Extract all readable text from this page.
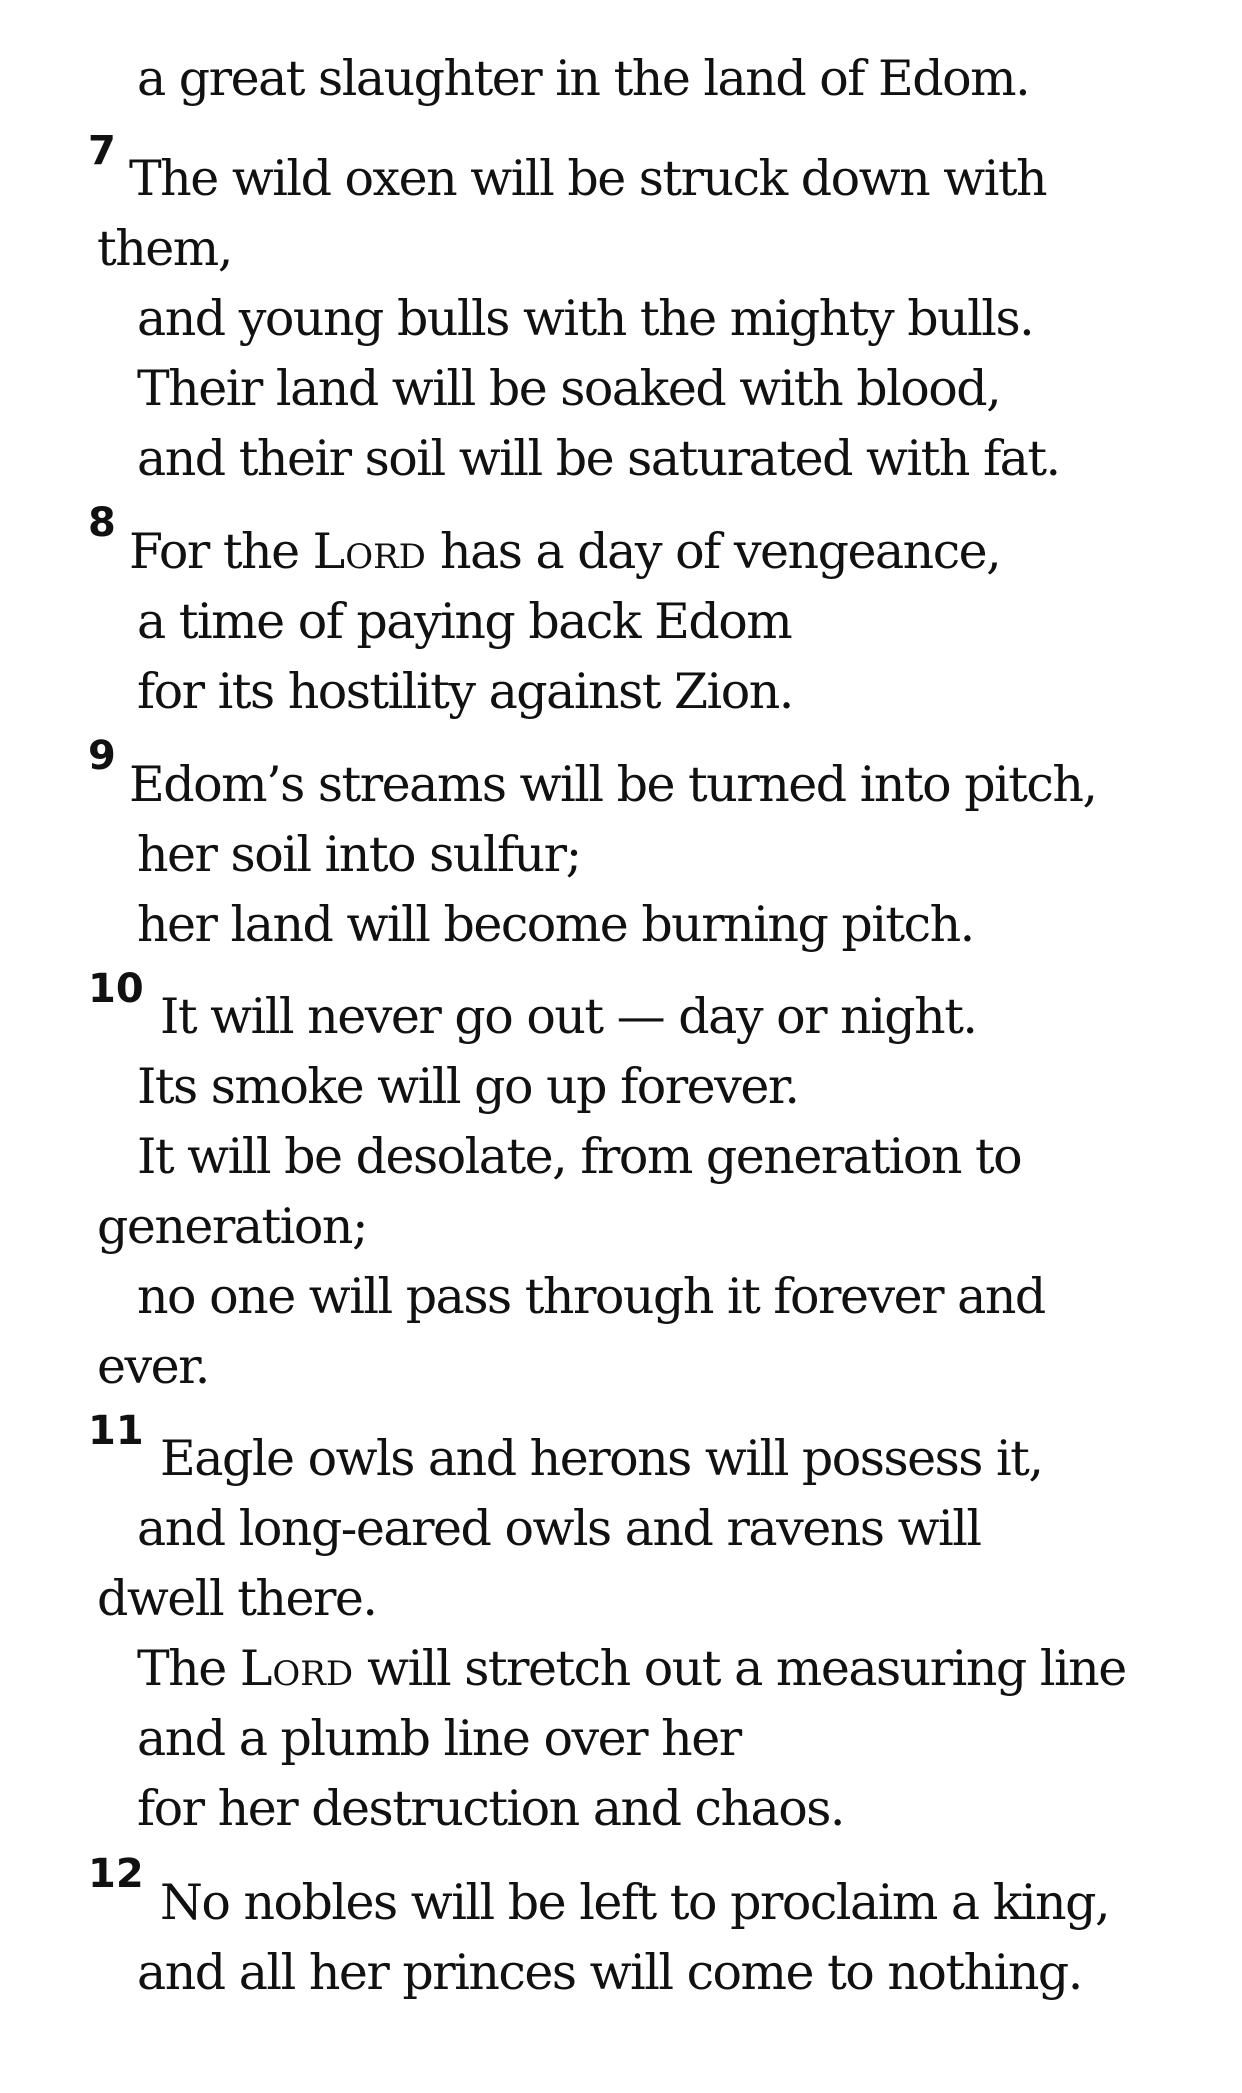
a great slaughter in the land of Edom.
7 The wild oxen will be struck down with
them,
and young bulls with the mighty bulls.
Their land will be soaked with blood,
and their soil will be saturated with fat.
8 For the Lord has a day of vengeance,
a time of paying back Edom
for its hostility against Zion.
9 Edom’s streams will be turned into pitch,
her soil into sulfur;
her land will become burning pitch.
10 It will never go out — day or night.
Its smoke will go up forever.
It will be desolate, from generation to
generation;
no one will pass through it forever and
ever.
11 Eagle owls and herons will possess it,
and long-eared owls and ravens will
dwell there.
The Lord will stretch out a measuring line
and a plumb line over her
for her destruction and chaos.
12 No nobles will be left to proclaim a king,
and all her princes will come to nothing.
